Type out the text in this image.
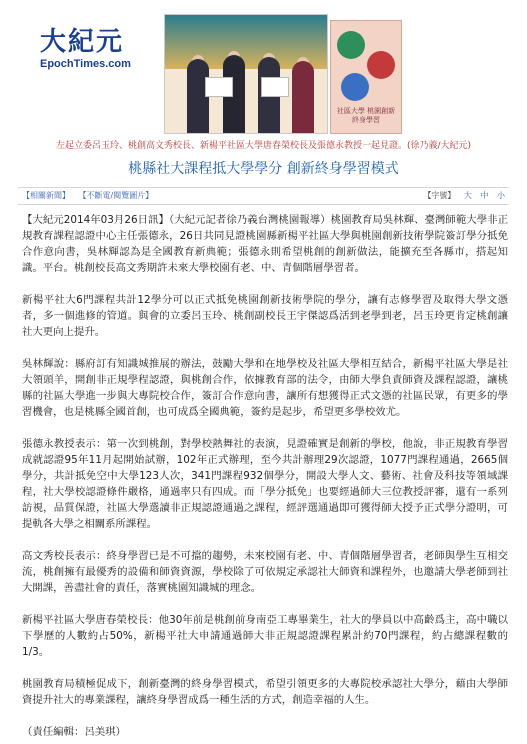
大紀元
EpochTimes.com
社區大學 桃園創新 終身學習
左起立委呂玉玲、桃創高文秀校長、新楊平社區大學唐春榮校長及張德永教授一起見證。(徐乃義/大紀元)
桃縣社大課程抵大學學分 創新終身學習模式
【相關新聞】 【不斷電/閱覽圖片】	【字號】 大 中 小

【大紀元2014年03月26日訊】（大紀元記者徐乃義台灣桃園報導）桃園教育局吳林輝、臺灣師範大學非正規教育課程認證中心主任張德永，26日共同見證桃園縣新楊平社區大學與桃園創新技術學院簽訂學分抵免合作意向書，吳林輝認為是全國教育新典範；張德永則希望桃創的創新做法，能擴充至各縣市，搭起知識。平台。桃創校長高文秀期許未來大學校園有老、中、青個階層學習者。

新楊平社大6門課程共計12學分可以正式抵免桃園創新技術學院的學分，讓有志修學習及取得大學文憑者，多一個進修的管道。與會的立委呂玉玲、桃創副校長王宇傑認爲活到老學到老，呂玉玲更肯定桃創讓社大更向上提升。

吳林輝說：縣府訂有知識城推展的辦法，鼓勵大學和在地學校及社區大學相互結合，新楊平社區大學是社大領頭羊，開創非正規學程認證，與桃創合作，依據教育部的法令，由師大學負責師資及課程認證，讓桃縣的社區大學進一步與大專院校合作，簽訂合作意向書，讓所有想獲得正式文憑的社區民眾，有更多的學習機會，也是桃縣全國首創，也可成爲全國典範，簽約是起步，希望更多學校效尤。

張德永教授表示：第一次到桃創，對學校熱舞社的表演，見證確實是創新的學校，他說，非正規教育學習成就認證95年11月起開始試辦，102年正式辦理，至今共計辦理29次認證，1077門課程通過，2665個學分，共計抵免空中大學123人次，341門課程932個學分，開設大學人文、藝術、社會及科技等領域課程，社大學校認證條件嚴格，通過率只有四成。而「學分抵免」也要經過師大三位教授評審，還有一系列訪視，品質保證，社區大學選讀非正規認證通過之課程，經評選通過即可獲得師大授予正式學分證明，可提軌各大學之相關系所課程。

高文秀校長表示：終身學習已是不可擋的趨勢，未來校園有老、中、青個階層學習者，老師與學生互相交流，桃創擁有最優秀的設備和師資資源，學校除了可依規定承認社大師資和課程外，也邀請大學老師到社大開課，善盡社會的責任，落實桃園知識城的理念。

新楊平社區大學唐春榮校長：他30年前是桃創前身南亞工專畢業生，社大的學員以中高齡爲主，高中職以下學歷的人數約占50%，新楊平社大申請通過師大非正規認證課程累計約70門課程，約占總課程數的1/3。

桃園教育局積極促成下，創新臺灣的終身學習模式，希望引領更多的大專院校承認社大學分，藉由大學師資提升社大的專業課程，讓終身學習成爲一種生活的方式，創造幸福的人生。

（責任編輯：呂美琪）
